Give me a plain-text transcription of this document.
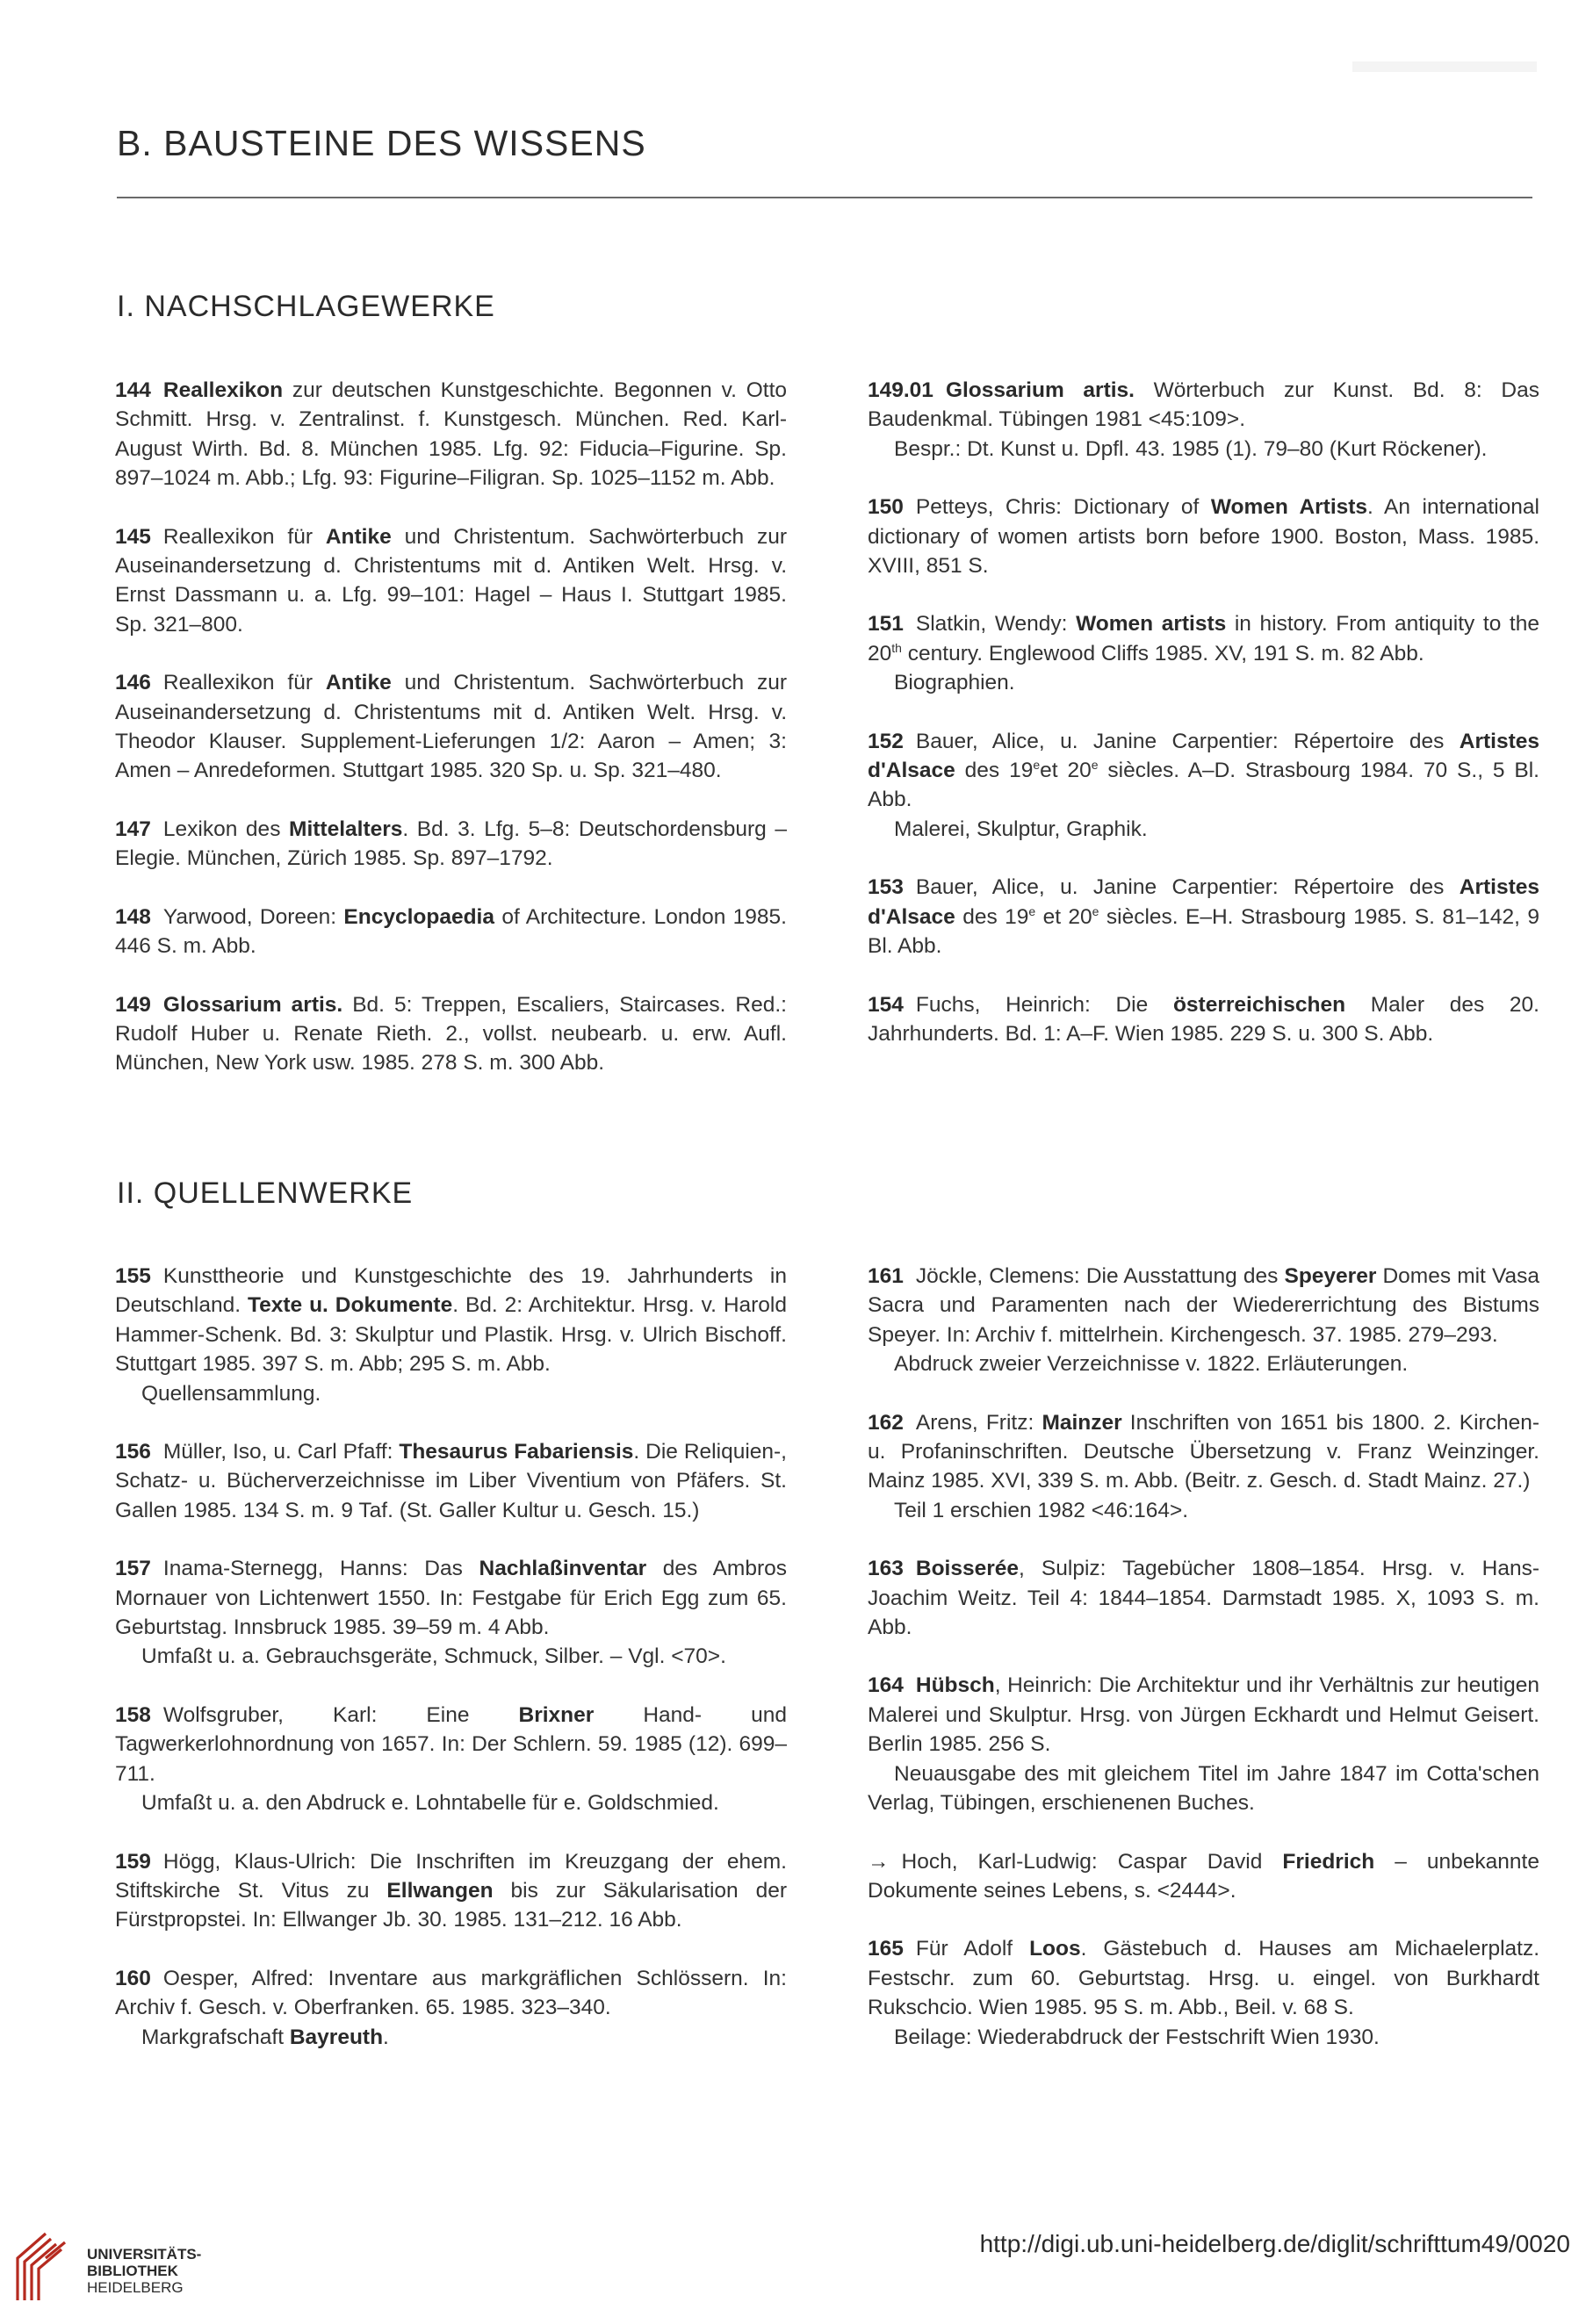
B. BAUSTEINE DES WISSENS
I. NACHSCHLAGEWERKE

144 Reallexikon zur deutschen Kunstgeschichte. Begonnen v. Otto Schmitt. Hrsg. v. Zentralinst. f. Kunstgesch. München. Red. Karl-August Wirth. Bd. 8. München 1985. Lfg. 92: Fiducia–Figurine. Sp. 897–1024 m. Abb.; Lfg. 93: Figurine–Filigran. Sp. 1025–1152 m. Abb.

145 Reallexikon für Antike und Christentum. Sachwörterbuch zur Auseinandersetzung d. Christentums mit d. Antiken Welt. Hrsg. v. Ernst Dassmann u. a. Lfg. 99–101: Hagel – Haus I. Stuttgart 1985. Sp. 321–800.

146 Reallexikon für Antike und Christentum. Sachwörterbuch zur Auseinandersetzung d. Christentums mit d. Antiken Welt. Hrsg. v. Theodor Klauser. Supplement-Lieferungen 1/2: Aaron – Amen; 3: Amen – Anredeformen. Stuttgart 1985. 320 Sp. u. Sp. 321–480.

147 Lexikon des Mittelalters. Bd. 3. Lfg. 5–8: Deutschordensburg – Elegie. München, Zürich 1985. Sp. 897–1792.

148 Yarwood, Doreen: Encyclopaedia of Architecture. London 1985. 446 S. m. Abb.

149 Glossarium artis. Bd. 5: Treppen, Escaliers, Staircases. Red.: Rudolf Huber u. Renate Rieth. 2., vollst. neubearb. u. erw. Aufl. München, New York usw. 1985. 278 S. m. 300 Abb.

149.01 Glossarium artis. Wörterbuch zur Kunst. Bd. 8: Das Baudenkmal. Tübingen 1981 <45:109>.

Bespr.: Dt. Kunst u. Dpfl. 43. 1985 (1). 79–80 (Kurt Röckener).

150 Petteys, Chris: Dictionary of Women Artists. An international dictionary of women artists born before 1900. Boston, Mass. 1985. XVIII, 851 S.

151 Slatkin, Wendy: Women artists in history. From antiquity to the 20th century. Englewood Cliffs 1985. XV, 191 S. m. 82 Abb.

Biographien.

152 Bauer, Alice, u. Janine Carpentier: Répertoire des Artistes d'Alsace des 19eet 20e siècles. A–D. Strasbourg 1984. 70 S., 5 Bl. Abb.

Malerei, Skulptur, Graphik.

153 Bauer, Alice, u. Janine Carpentier: Répertoire des Artistes d'Alsace des 19e et 20e siècles. E–H. Strasbourg 1985. S. 81–142, 9 Bl. Abb.

154 Fuchs, Heinrich: Die österreichischen Maler des 20. Jahrhunderts. Bd. 1: A–F. Wien 1985. 229 S. u. 300 S. Abb.

II. QUELLENWERKE

155 Kunsttheorie und Kunstgeschichte des 19. Jahrhunderts in Deutschland. Texte u. Dokumente. Bd. 2: Architektur. Hrsg. v. Harold Hammer-Schenk. Bd. 3: Skulptur und Plastik. Hrsg. v. Ulrich Bischoff. Stuttgart 1985. 397 S. m. Abb; 295 S. m. Abb.

Quellensammlung.

156 Müller, Iso, u. Carl Pfaff: Thesaurus Fabariensis. Die Reliquien-, Schatz- u. Bücherverzeichnisse im Liber Viventium von Pfäfers. St. Gallen 1985. 134 S. m. 9 Taf. (St. Galler Kultur u. Gesch. 15.)

157 Inama-Sternegg, Hanns: Das Nachlaßinventar des Ambros Mornauer von Lichtenwert 1550. In: Festgabe für Erich Egg zum 65. Geburtstag. Innsbruck 1985. 39–59 m. 4 Abb.

Umfaßt u. a. Gebrauchsgeräte, Schmuck, Silber. – Vgl. <70>.

158 Wolfsgruber, Karl: Eine Brixner Hand- und Tagwerkerlohnordnung von 1657. In: Der Schlern. 59. 1985 (12). 699–711.

Umfaßt u. a. den Abdruck e. Lohntabelle für e. Goldschmied.

159 Högg, Klaus-Ulrich: Die Inschriften im Kreuzgang der ehem. Stiftskirche St. Vitus zu Ellwangen bis zur Säkularisation der Fürstpropstei. In: Ellwanger Jb. 30. 1985. 131–212. 16 Abb.

160 Oesper, Alfred: Inventare aus markgräflichen Schlössern. In: Archiv f. Gesch. v. Oberfranken. 65. 1985. 323–340.

Markgrafschaft Bayreuth.

161 Jöckle, Clemens: Die Ausstattung des Speyerer Domes mit Vasa Sacra und Paramenten nach der Wiedererrichtung des Bistums Speyer. In: Archiv f. mittelrhein. Kirchengesch. 37. 1985. 279–293.

Abdruck zweier Verzeichnisse v. 1822. Erläuterungen.

162 Arens, Fritz: Mainzer Inschriften von 1651 bis 1800. 2. Kirchen- u. Profaninschriften. Deutsche Übersetzung v. Franz Weinzinger. Mainz 1985. XVI, 339 S. m. Abb. (Beitr. z. Gesch. d. Stadt Mainz. 27.)

Teil 1 erschien 1982 <46:164>.

163 Boisserée, Sulpiz: Tagebücher 1808–1854. Hrsg. v. Hans-Joachim Weitz. Teil 4: 1844–1854. Darmstadt 1985. X, 1093 S. m. Abb.

164 Hübsch, Heinrich: Die Architektur und ihr Verhältnis zur heutigen Malerei und Skulptur. Hrsg. von Jürgen Eckhardt und Helmut Geisert. Berlin 1985. 256 S.

Neuausgabe des mit gleichem Titel im Jahre 1847 im Cotta'schen Verlag, Tübingen, erschienenen Buches.

→ Hoch, Karl-Ludwig: Caspar David Friedrich – unbekannte Dokumente seines Lebens, s. <2444>.

165 Für Adolf Loos. Gästebuch d. Hauses am Michaelerplatz. Festschr. zum 60. Geburtstag. Hrsg. u. eingel. von Burkhardt Rukschcio. Wien 1985. 95 S. m. Abb., Beil. v. 68 S.

Beilage: Wiederabdruck der Festschrift Wien 1930.

UNIVERSITÄTS-
BIBLIOTHEK
HEIDELBERG
http://digi.ub.uni-heidelberg.de/diglit/schrifttum49/0020
